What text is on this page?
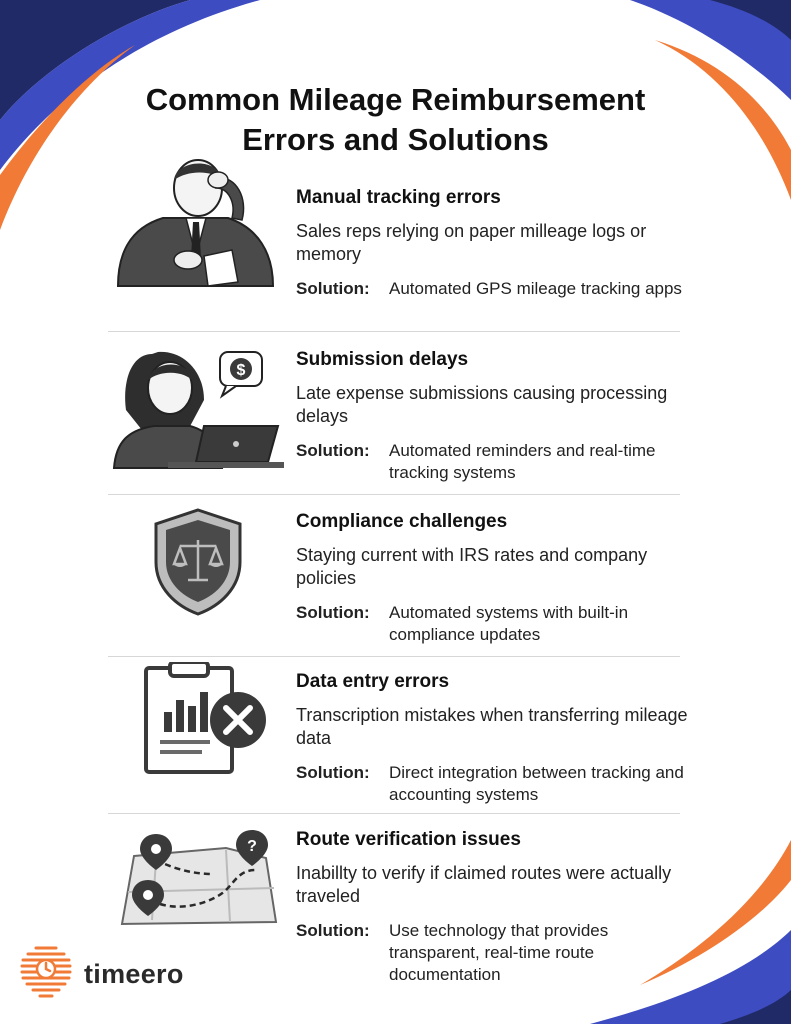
Common Mileage Reimbursement
Errors and Solutions
Manual tracking errors
Sales reps relying on paper milleage logs or memory
Solution:	Automated GPS mileage tracking apps
$
Submission delays
Late expense submissions causing processing delays
Solution:	Automated reminders and real-time tracking systems
Compliance challenges
Staying current with IRS rates and company policies
Solution:	Automated systems with built-in compliance updates
Data entry errors
Transcription mistakes when transferring mileage data
Solution:	Direct integration between tracking and accounting systems
? Route verification issues
Inabillty to verify if claimed routes were actually traveled
Solution:	Use technology that provides transparent, real-time route documentation
timeero
